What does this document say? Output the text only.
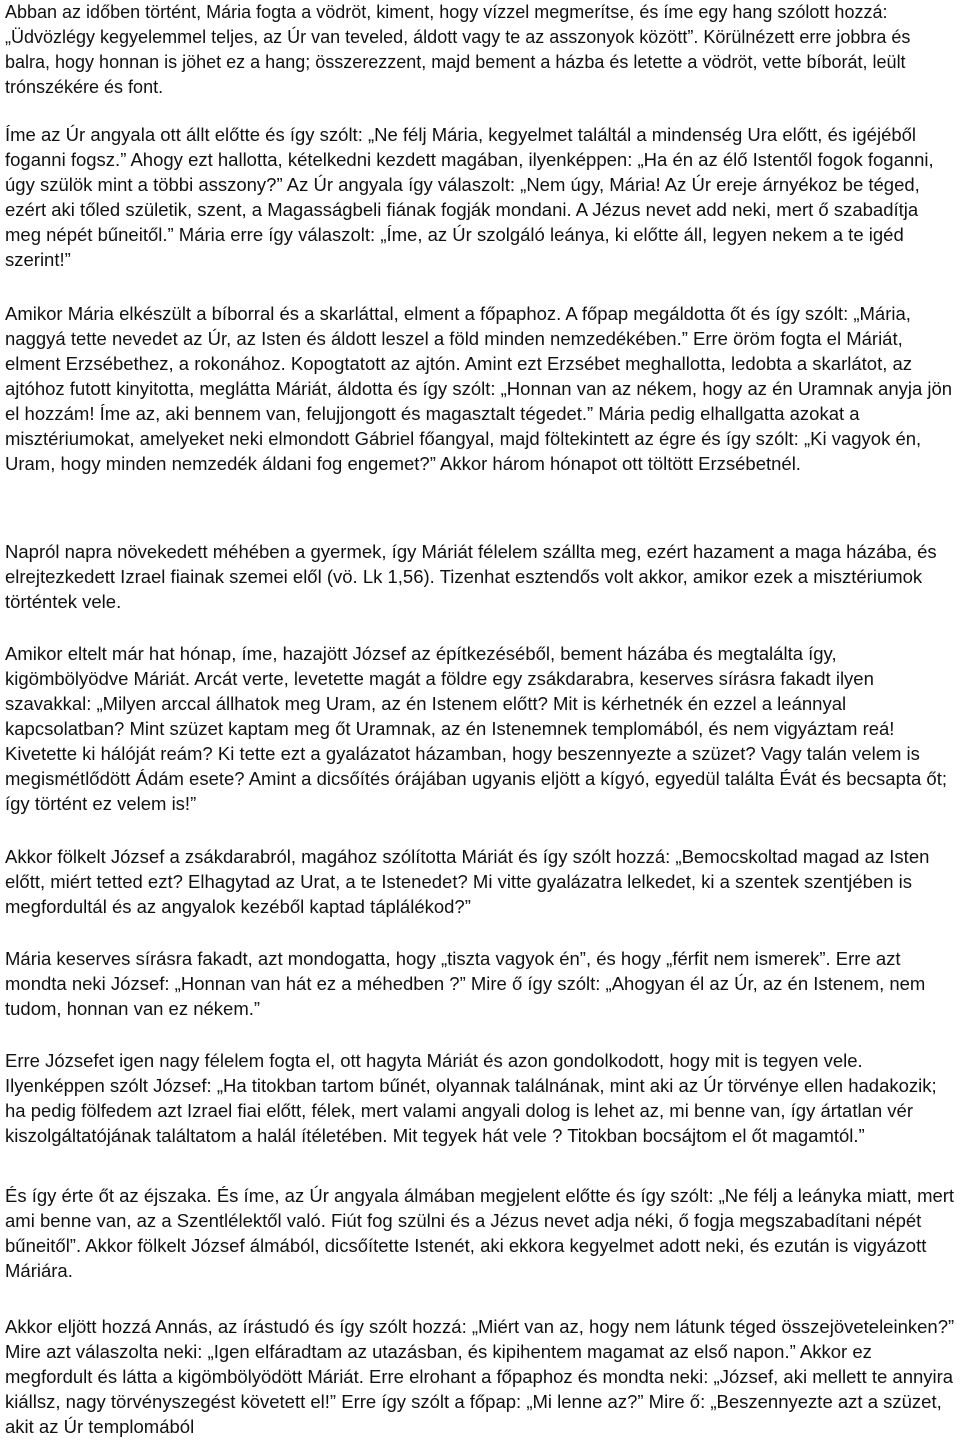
Abban az időben történt, Mária fogta a vödröt, kiment, hogy vízzel megmerítse, és íme egy hang szólott hozzá: „Üdvözlégy kegyelemmel teljes, az Úr van teveled, áldott vagy te az asszonyok között”. Körülnézett erre jobbra és balra, hogy honnan is jöhet ez a hang; összerezzent, majd bement a házba és letette a vödröt, vette bíborát, leült trónszékére és font.

Íme az Úr angyala ott állt előtte és így szólt: „Ne félj Mária, kegyelmet találtál a mindenség Ura előtt, és igéjéből foganni fogsz.” Ahogy ezt hallotta, kételkedni kezdett magában, ilyenképpen: „Ha én az élő Istentől fogok foganni, úgy szülök mint a többi asszony?” Az Úr angyala így válaszolt: „Nem úgy, Mária! Az Úr ereje árnyékoz be téged, ezért aki tőled születik, szent, a Magasságbeli fiának fogják mondani. A Jézus nevet add neki, mert ő szabadítja meg népét bűneitől.” Mária erre így válaszolt: „Íme, az Úr szolgáló leánya, ki előtte áll, legyen nekem a te igéd szerint!”

Amikor Mária elkészült a bíborral és a skarláttal, elment a főpaphoz. A főpap megáldotta őt és így szólt: „Mária, naggyá tette nevedet az Úr, az Isten és áldott leszel a föld minden nemzedékében.” Erre öröm fogta el Máriát, elment Erzsébethez, a rokonához. Kopogtatott az ajtón. Amint ezt Erzsébet meghallotta, ledobta a skarlátot, az ajtóhoz futott kinyitotta, meglátta Máriát, áldotta és így szólt: „Honnan van az nékem, hogy az én Uramnak anyja jön el hozzám! Íme az, aki bennem van, felujjongott és magasztalt tégedet.” Mária pedig elhallgatta azokat a misztériumokat, amelyeket neki elmondott Gábriel főangyal, majd föltekintett az égre és így szólt: „Ki vagyok én, Uram, hogy minden nemzedék áldani fog engemet?” Akkor három hónapot ott töltött Erzsébetnél.

Napról napra növekedett méhében a gyermek, így Máriát félelem szállta meg, ezért hazament a maga házába, és elrejtezkedett Izrael fiainak szemei elől (vö. Lk 1,56). Tizenhat esztendős volt akkor, amikor ezek a misztériumok történtek vele.

Amikor eltelt már hat hónap, íme, hazajött József az építkezéséből, bement házába és megtalálta így, kigömbölyödve Máriát. Arcát verte, levetette magát a földre egy zsákdarabra, keserves sírásra fakadt ilyen szavakkal: „Milyen arccal állhatok meg Uram, az én Istenem előtt? Mit is kérhetnék én ezzel a leánnyal kapcsolatban? Mint szüzet kaptam meg őt Uramnak, az én Istenemnek templomából, és nem vigyáztam reá! Kivetette ki hálóját reám? Ki tette ezt a gyalázatot házamban, hogy beszennyezte a szüzet? Vagy talán velem is megismétlődött Ádám esete? Amint a dicsőítés órájában ugyanis eljött a kígyó, egyedül találta Évát és becsapta őt; így történt ez velem is!”

Akkor fölkelt József a zsákdarabról, magához szólította Máriát és így szólt hozzá: „Bemocskoltad magad az Isten előtt, miért tetted ezt? Elhagytad az Urat, a te Istenedet? Mi vitte gyalázatra lelkedet, ki a szentek szentjében is megfordultál és az angyalok kezéből kaptad táplálékod?”

Mária keserves sírásra fakadt, azt mondogatta, hogy „tiszta vagyok én”, és hogy „férfit nem ismerek”. Erre azt mondta neki József: „Honnan van hát ez a méhedben ?” Mire ő így szólt: „Ahogyan él az Úr, az én Istenem, nem tudom, honnan van ez nékem.”

Erre Józsefet igen nagy félelem fogta el, ott hagyta Máriát és azon gondolkodott, hogy mit is tegyen vele. Ilyenképpen szólt József: „Ha titokban tartom bűnét, olyannak találnának, mint aki az Úr törvénye ellen hadakozik; ha pedig fölfedem azt Izrael fiai előtt, félek, mert valami angyali dolog is lehet az, mi benne van, így ártatlan vér kiszolgáltatójának találtatom a halál ítéletében. Mit tegyek hát vele ? Titokban bocsájtom el őt magamtól.”

És így érte őt az éjszaka. És íme, az Úr angyala álmában megjelent előtte és így szólt: „Ne félj a leányka miatt, mert ami benne van, az a Szentlélektől való. Fiút fog szülni és a Jézus nevet adja néki, ő fogja megszabadítani népét bűneitől”. Akkor fölkelt József álmából, dicsőítette Istenét, aki ekkora kegyelmet adott neki, és ezután is vigyázott Máriára.

Akkor eljött hozzá Annás, az írástudó és így szólt hozzá: „Miért van az, hogy nem látunk téged összejöveteleinken?” Mire azt válaszolta neki: „Igen elfáradtam az utazásban, és kipihentem magamat az első napon.” Akkor ez megfordult és látta a kigömbölyödött Máriát. Erre elrohant a főpaphoz és mondta neki: „József, aki mellett te annyira kiállsz, nagy törvényszegést követett el!” Erre így szólt a főpap: „Mi lenne az?” Mire ő: „Beszennyezte azt a szüzet, akit az Úr templomából
